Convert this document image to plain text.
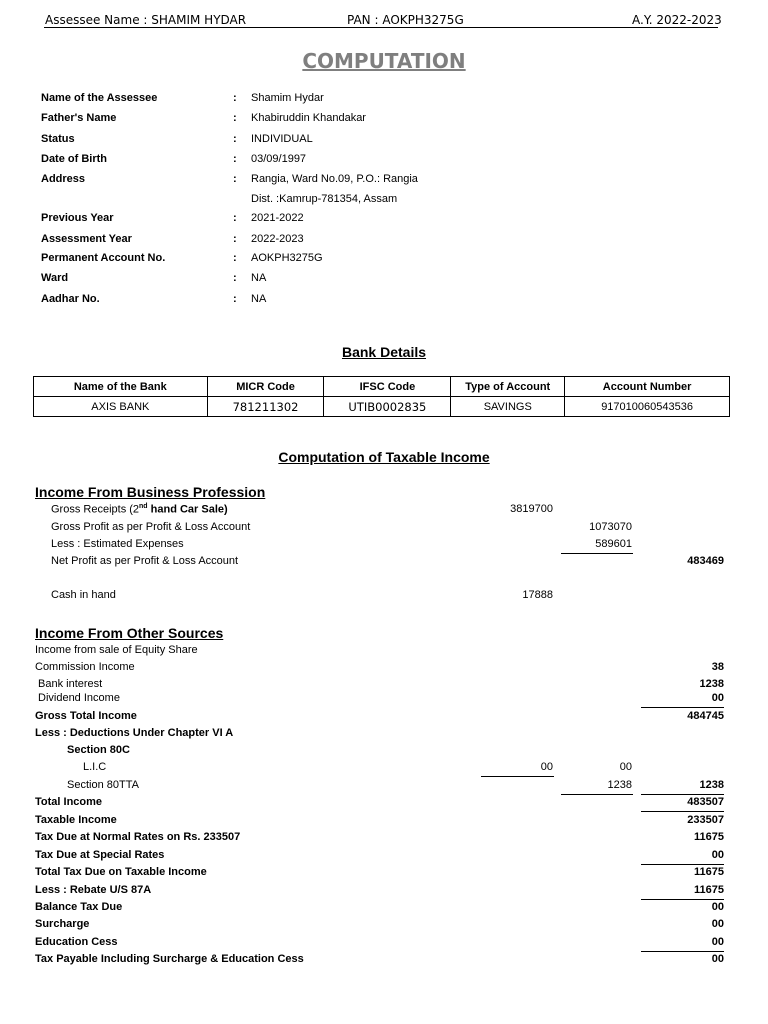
Assessee Name : SHAMIM HYDAR	PAN : AOKPH3275G	A.Y. 2022-2023
COMPUTATION
Name of the Assessee	: Shamim Hydar
Father's Name	: Khabiruddin Khandakar
Status	: INDIVIDUAL
Date of Birth	: 03/09/1997
Address	: Rangia, Ward No.09, P.O.: Rangia
Dist. :Kamrup-781354, Assam
Previous Year	: 2021-2022
Assessment Year	: 2022-2023
Permanent Account No.	: AOKPH3275G
Ward	: NA
Aadhar No.	: NA
Bank Details
Name of the Bank	MICR Code	IFSC Code	Type of Account	Account Number
AXIS BANK	781211302	UTIB0002835	SAVINGS	917010060543536
Computation of Taxable Income
Income From Business Profession
Gross Receipts (2nd hand Car Sale)	3819700
Gross Profit as per Profit & Loss Account	1073070
Less : Estimated Expenses	589601
Net Profit as per Profit & Loss Account	483469
Cash in hand	17888
Income From Other Sources
Income from sale of Equity Share
Commission Income	38
Bank interest	1238
Dividend Income	00
Gross Total Income	484745
Less : Deductions Under Chapter VI A
Section 80C
L.I.C	00	00
Section 80TTA	1238	1238
Total Income	483507
Taxable Income	233507
Tax Due at Normal Rates on Rs. 233507	11675
Tax Due at Special Rates	00
Total Tax Due on Taxable Income	11675
Less : Rebate U/S 87A	11675
Balance Tax Due	00
Surcharge	00
Education Cess	00
Tax Payable Including Surcharge & Education Cess	00
